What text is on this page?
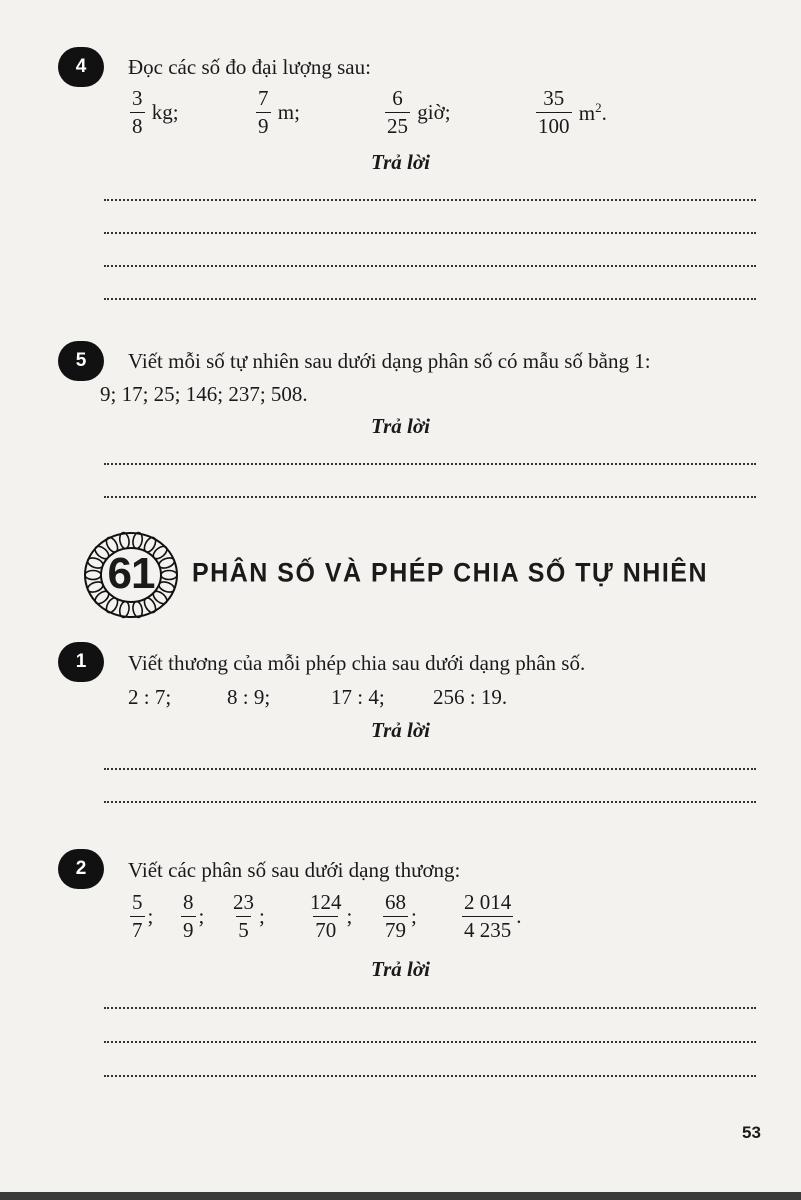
4 Đọc các số đo đại lượng sau:
$\frac{3}{8}$ kg;	$\frac{7}{9} m$;	$\frac{6}{25}$ giờ;	$\frac{35}{100} m^2$.
Trả lời
5 Viết mỗi số tự nhiên sau dưới dạng phân số có mẫu số bằng 1:
9; 17; 25; 146; 237; 508.
Trả lời
61	PHÂN SỐ VÀ PHÉP CHIA SỐ TỰ NHIÊN
1 Viết thương của mỗi phép chia sau dưới dạng phân số.
2 : 7;	8 : 9;	17 : 4; 256 : 19.
Trả lời
2 Viết các phân số sau dưới dạng thương:
$\frac{5}{7}$ ; $\frac{8}{9}$ ; $\frac{23}{5}$ ; $\frac{124}{70}$ ; $\frac{68}{79}$ ; $\frac{2 014}{4 235}$ .
Trả lời
53
